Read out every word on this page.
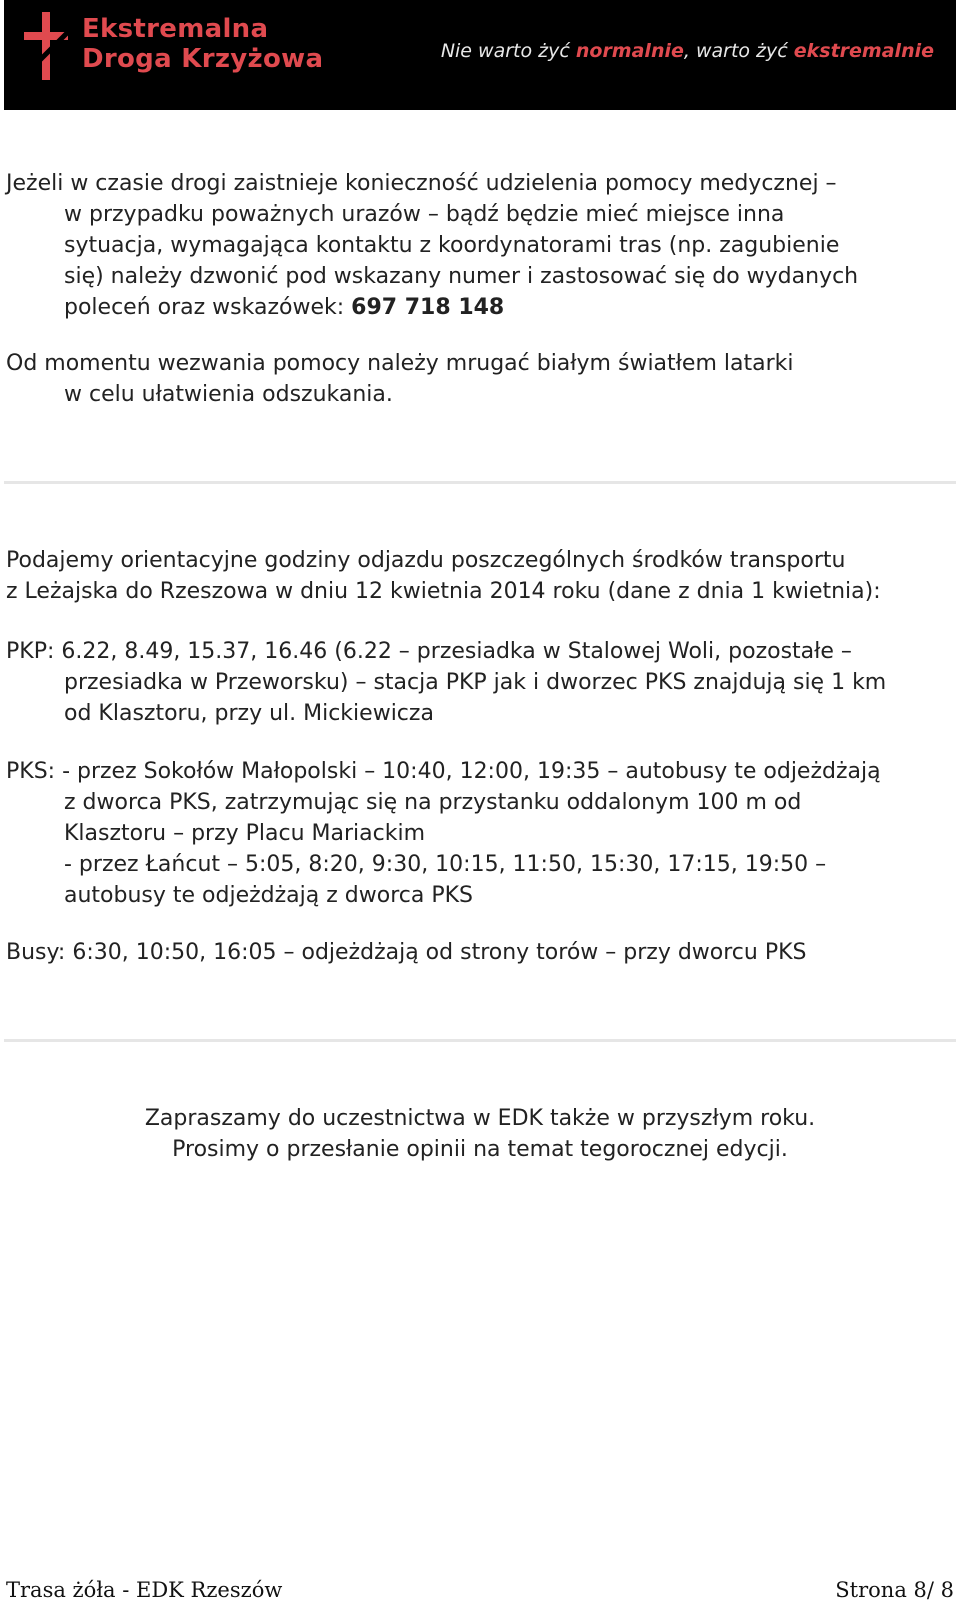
Ekstremalna
Droga Krzyżowa	Nie warto żyć normalnie, warto żyć ekstremalnie
Jeżeli w czasie drogi zaistnieje konieczność udzielenia pomocy medycznej –
w przypadku poważnych urazów – bądź będzie mieć miejsce inna
sytuacja, wymagająca kontaktu z koordynatorami tras (np. zagubienie
się) należy dzwonić pod wskazany numer i zastosować się do wydanych
poleceń oraz wskazówek: 697 718 148
Od momentu wezwania pomocy należy mrugać białym światłem latarki
w celu ułatwienia odszukania.
Podajemy orientacyjne godziny odjazdu poszczególnych środków transportu
z Leżajska do Rzeszowa w dniu 12 kwietnia 2014 roku (dane z dnia 1 kwietnia):
PKP: 6.22, 8.49, 15.37, 16.46 (6.22 – przesiadka w Stalowej Woli, pozostałe –
przesiadka w Przeworsku) – stacja PKP jak i dworzec PKS znajdują się 1 km
od Klasztoru, przy ul. Mickiewicza
PKS: - przez Sokołów Małopolski – 10:40, 12:00, 19:35 – autobusy te odjeżdżają
z dworca PKS, zatrzymując się na przystanku oddalonym 100 m od
Klasztoru – przy Placu Mariackim
- przez Łańcut – 5:05, 8:20, 9:30, 10:15, 11:50, 15:30, 17:15, 19:50 –
autobusy te odjeżdżają z dworca PKS
Busy: 6:30, 10:50, 16:05 – odjeżdżają od strony torów – przy dworcu PKS
Zapraszamy do uczestnictwa w EDK także w przyszłym roku.
Prosimy o przesłanie opinii na temat tegorocznej edycji.
Trasa żóła - EDK Rzeszów	Strona 8/ 8
